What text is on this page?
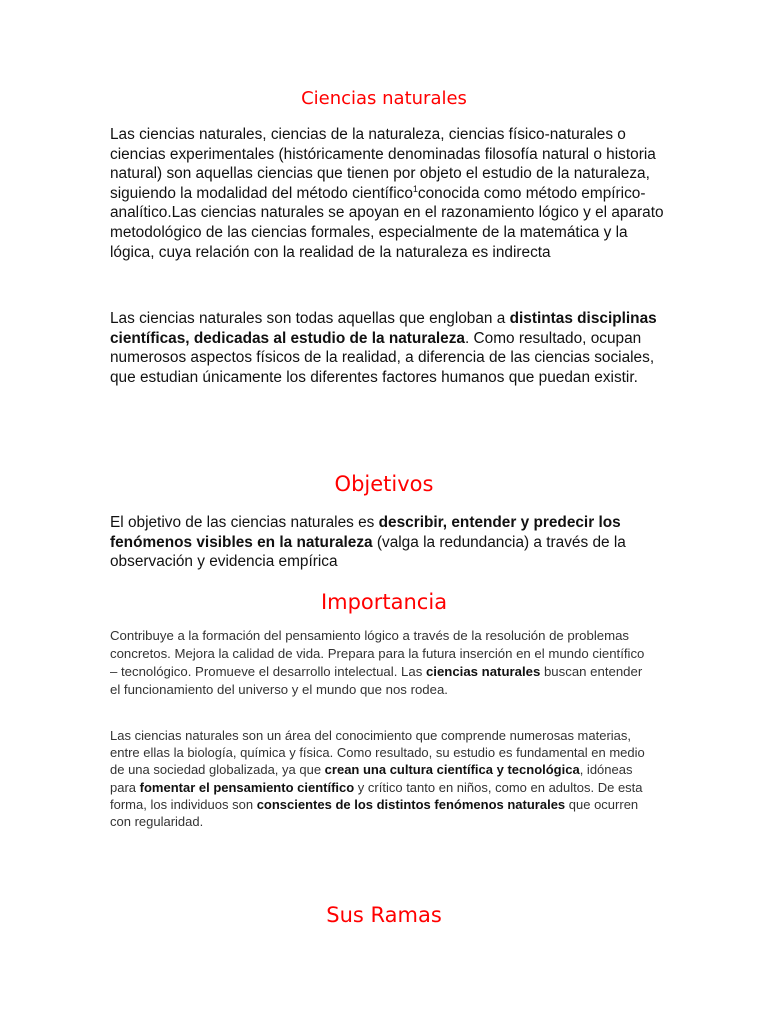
Ciencias naturales

Las ciencias naturales, ciencias de la naturaleza, ciencias físico-naturales o ciencias experimentales (históricamente denominadas filosofía natural o historia natural) son aquellas ciencias que tienen por objeto el estudio de la naturaleza, siguiendo la modalidad del método científico$^1$conocida como método empírico-analítico.Las ciencias naturales se apoyan en el razonamiento lógico y el aparato metodológico de las ciencias formales, especialmente de la matemática y la lógica, cuya relación con la realidad de la naturaleza es indirecta

Las ciencias naturales son todas aquellas que engloban a distintas disciplinas científicas, dedicadas al estudio de la naturaleza. Como resultado, ocupan numerosos aspectos físicos de la realidad, a diferencia de las ciencias sociales, que estudian únicamente los diferentes factores humanos que puedan existir.

Objetivos

El objetivo de las ciencias naturales es describir, entender y predecir los fenómenos visibles en la naturaleza (valga la redundancia) a través de la observación y evidencia empírica

Importancia

Contribuye a la formación del pensamiento lógico a través de la resolución de problemas concretos. Mejora la calidad de vida. Prepara para la futura inserción en el mundo científico – tecnológico. Promueve el desarrollo intelectual. Las ciencias naturales buscan entender el funcionamiento del universo y el mundo que nos rodea.

Las ciencias naturales son un área del conocimiento que comprende numerosas materias, entre ellas la biología, química y física. Como resultado, su estudio es fundamental en medio de una sociedad globalizada, ya que crean una cultura científica y tecnológica, idóneas para fomentar el pensamiento científico y crítico tanto en niños, como en adultos. De esta forma, los individuos son conscientes de los distintos fenómenos naturales que ocurren con regularidad.

Sus Ramas
